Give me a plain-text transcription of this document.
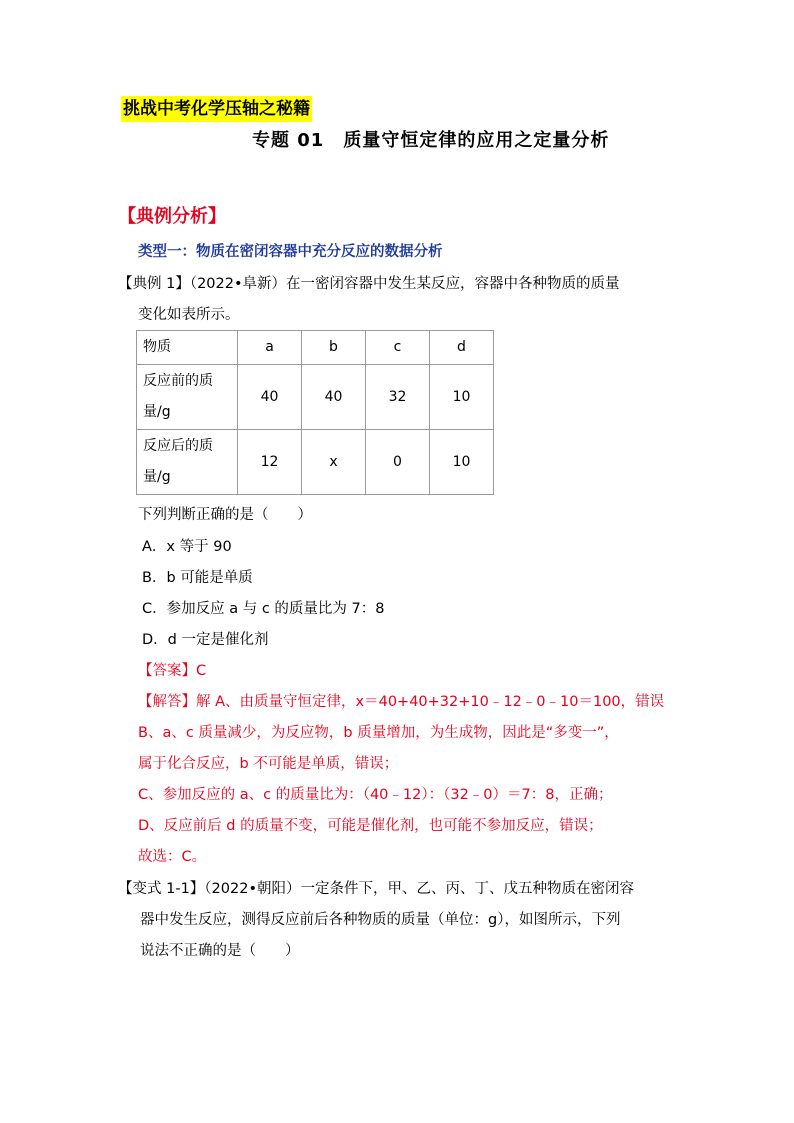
挑战中考化学压轴之秘籍
专题 01　质量守恒定律的应用之定量分析
【典例分析】
类型一：物质在密闭容器中充分反应的数据分析
【典例 1】（2022•阜新）在一密闭容器中发生某反应，容器中各种物质的质量
变化如表所示。
物质	a	b	c	d

反应前的质
量/g	40	40	32	10

反应后的质
量/g	12	x	0	10
下列判断正确的是（　　）
A．x 等于 90
B．b 可能是单质
C．参加反应 a 与 c 的质量比为 7：8
D．d 一定是催化剂
【答案】C
【解答】解 A、由质量守恒定律，x＝40+40+32+10﹣12﹣0﹣10＝100，错误
B、a、c 质量减少，为反应物，b 质量增加，为生成物，因此是“多变一”，
属于化合反应，b 不可能是单质，错误；
C、参加反应的 a、c 的质量比为：（40﹣12）：（32﹣0）＝7：8，正确；
D、反应前后 d 的质量不变，可能是催化剂，也可能不参加反应，错误；
故选：C。
【变式 1-1】（2022•朝阳）一定条件下，甲、乙、丙、丁、戊五种物质在密闭容
器中发生反应，测得反应前后各种物质的质量（单位：g），如图所示，下列
说法不正确的是（　　）
